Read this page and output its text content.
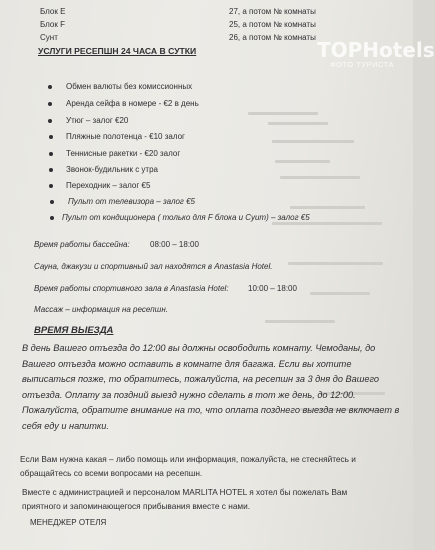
Блок E	27, а потом № комнаты
Блок F	25, а потом № комнаты
Сунт	26, а потом № комнаты
УСЛУГИ РЕСЕПШН 24 ЧАСА В СУТКИ
Обмен валюты без комиссионных
Аренда сейфа в номере - €2 в день
Утюг – залог €20
Пляжные полотенца - €10 залог
Теннисные ракетки - €20 залог
Звонок-будильник с утра
Переходник – залог €5
Пульт от телевизора – залог €5
Пульт от кондиционера ( только для F блока и Суит) – залог €5
Время работы бассейна:	08:00 – 18:00
Сауна, джакузи и спортивный зал находятся в Anastasia Hotel.
Время работы спортивного зала в Anastasia Hotel: 10:00 – 18:00
Массаж – информация на ресепшн.
ВРЕМЯ ВЫЕЗДА
В день Вашего отъезда до 12:00 вы должны освободить комнату. Чемоданы, до Вашего отъезда можно оставить в комнате для багажа. Если вы хотите выписаться позже, то обратитесь, пожалуйста, на ресепшн за 3 дня до Вашего отъезда. Оплату за поздний выезд нужно сделать в тот же день, до 12:00. Пожалуйста, обратите внимание на то, что оплата позднего выезда не включает в себя еду и напитки.
Если Вам нужна какая – либо помощь или информация, пожалуйста, не стесняйтесь и обращайтесь со всеми вопросами на ресепшн.
Вместе с администрацией и персоналом MARLITA HOTEL я хотел бы пожелать Вам приятного и запоминающегося прибывания вместе с нами.
МЕНЕДЖЕР ОТЕЛЯ
TOPHotels
ФОТО ТУРИСТА
